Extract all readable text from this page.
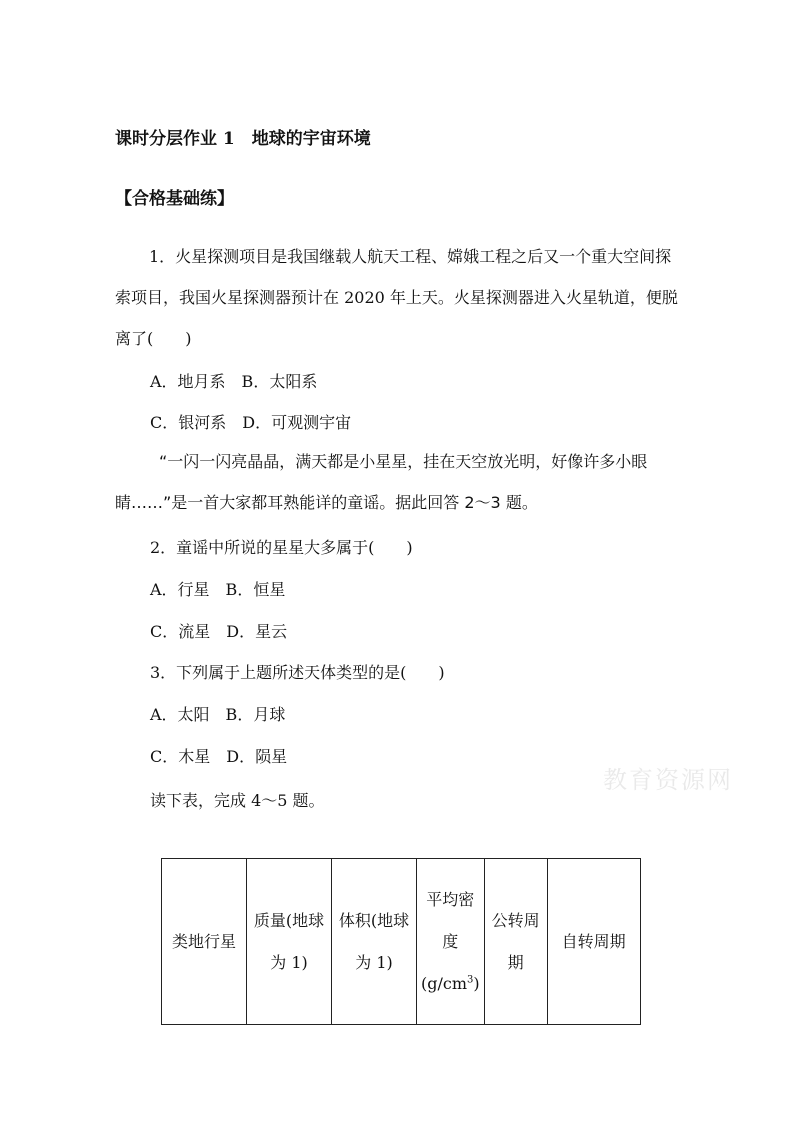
课时分层作业 1　地球的宇宙环境
【合格基础练】
1．火星探测项目是我国继载人航天工程、嫦娥工程之后又一个重大空间探索项目，我国火星探测器预计在 2020 年上天。火星探测器进入火星轨道，便脱离了(　　)
A．地月系　B．太阳系
C．银河系　D．可观测宇宙
“一闪一闪亮晶晶，满天都是小星星，挂在天空放光明，好像许多小眼睛……”是一首大家都耳熟能详的童谣。据此回答 2～3 题。
2．童谣中所说的星星大多属于(　　)
A．行星　B．恒星
C．流星　D．星云
3．下列属于上题所述天体类型的是(　　)
A．太阳　B．月球
C．木星　D．陨星
读下表，完成 4～5 题。
教育资源网
类地行星	质量(地球为 1)	体积(地球为 1)	平均密度$(g/cm^3)$	公转周期	自转周期
